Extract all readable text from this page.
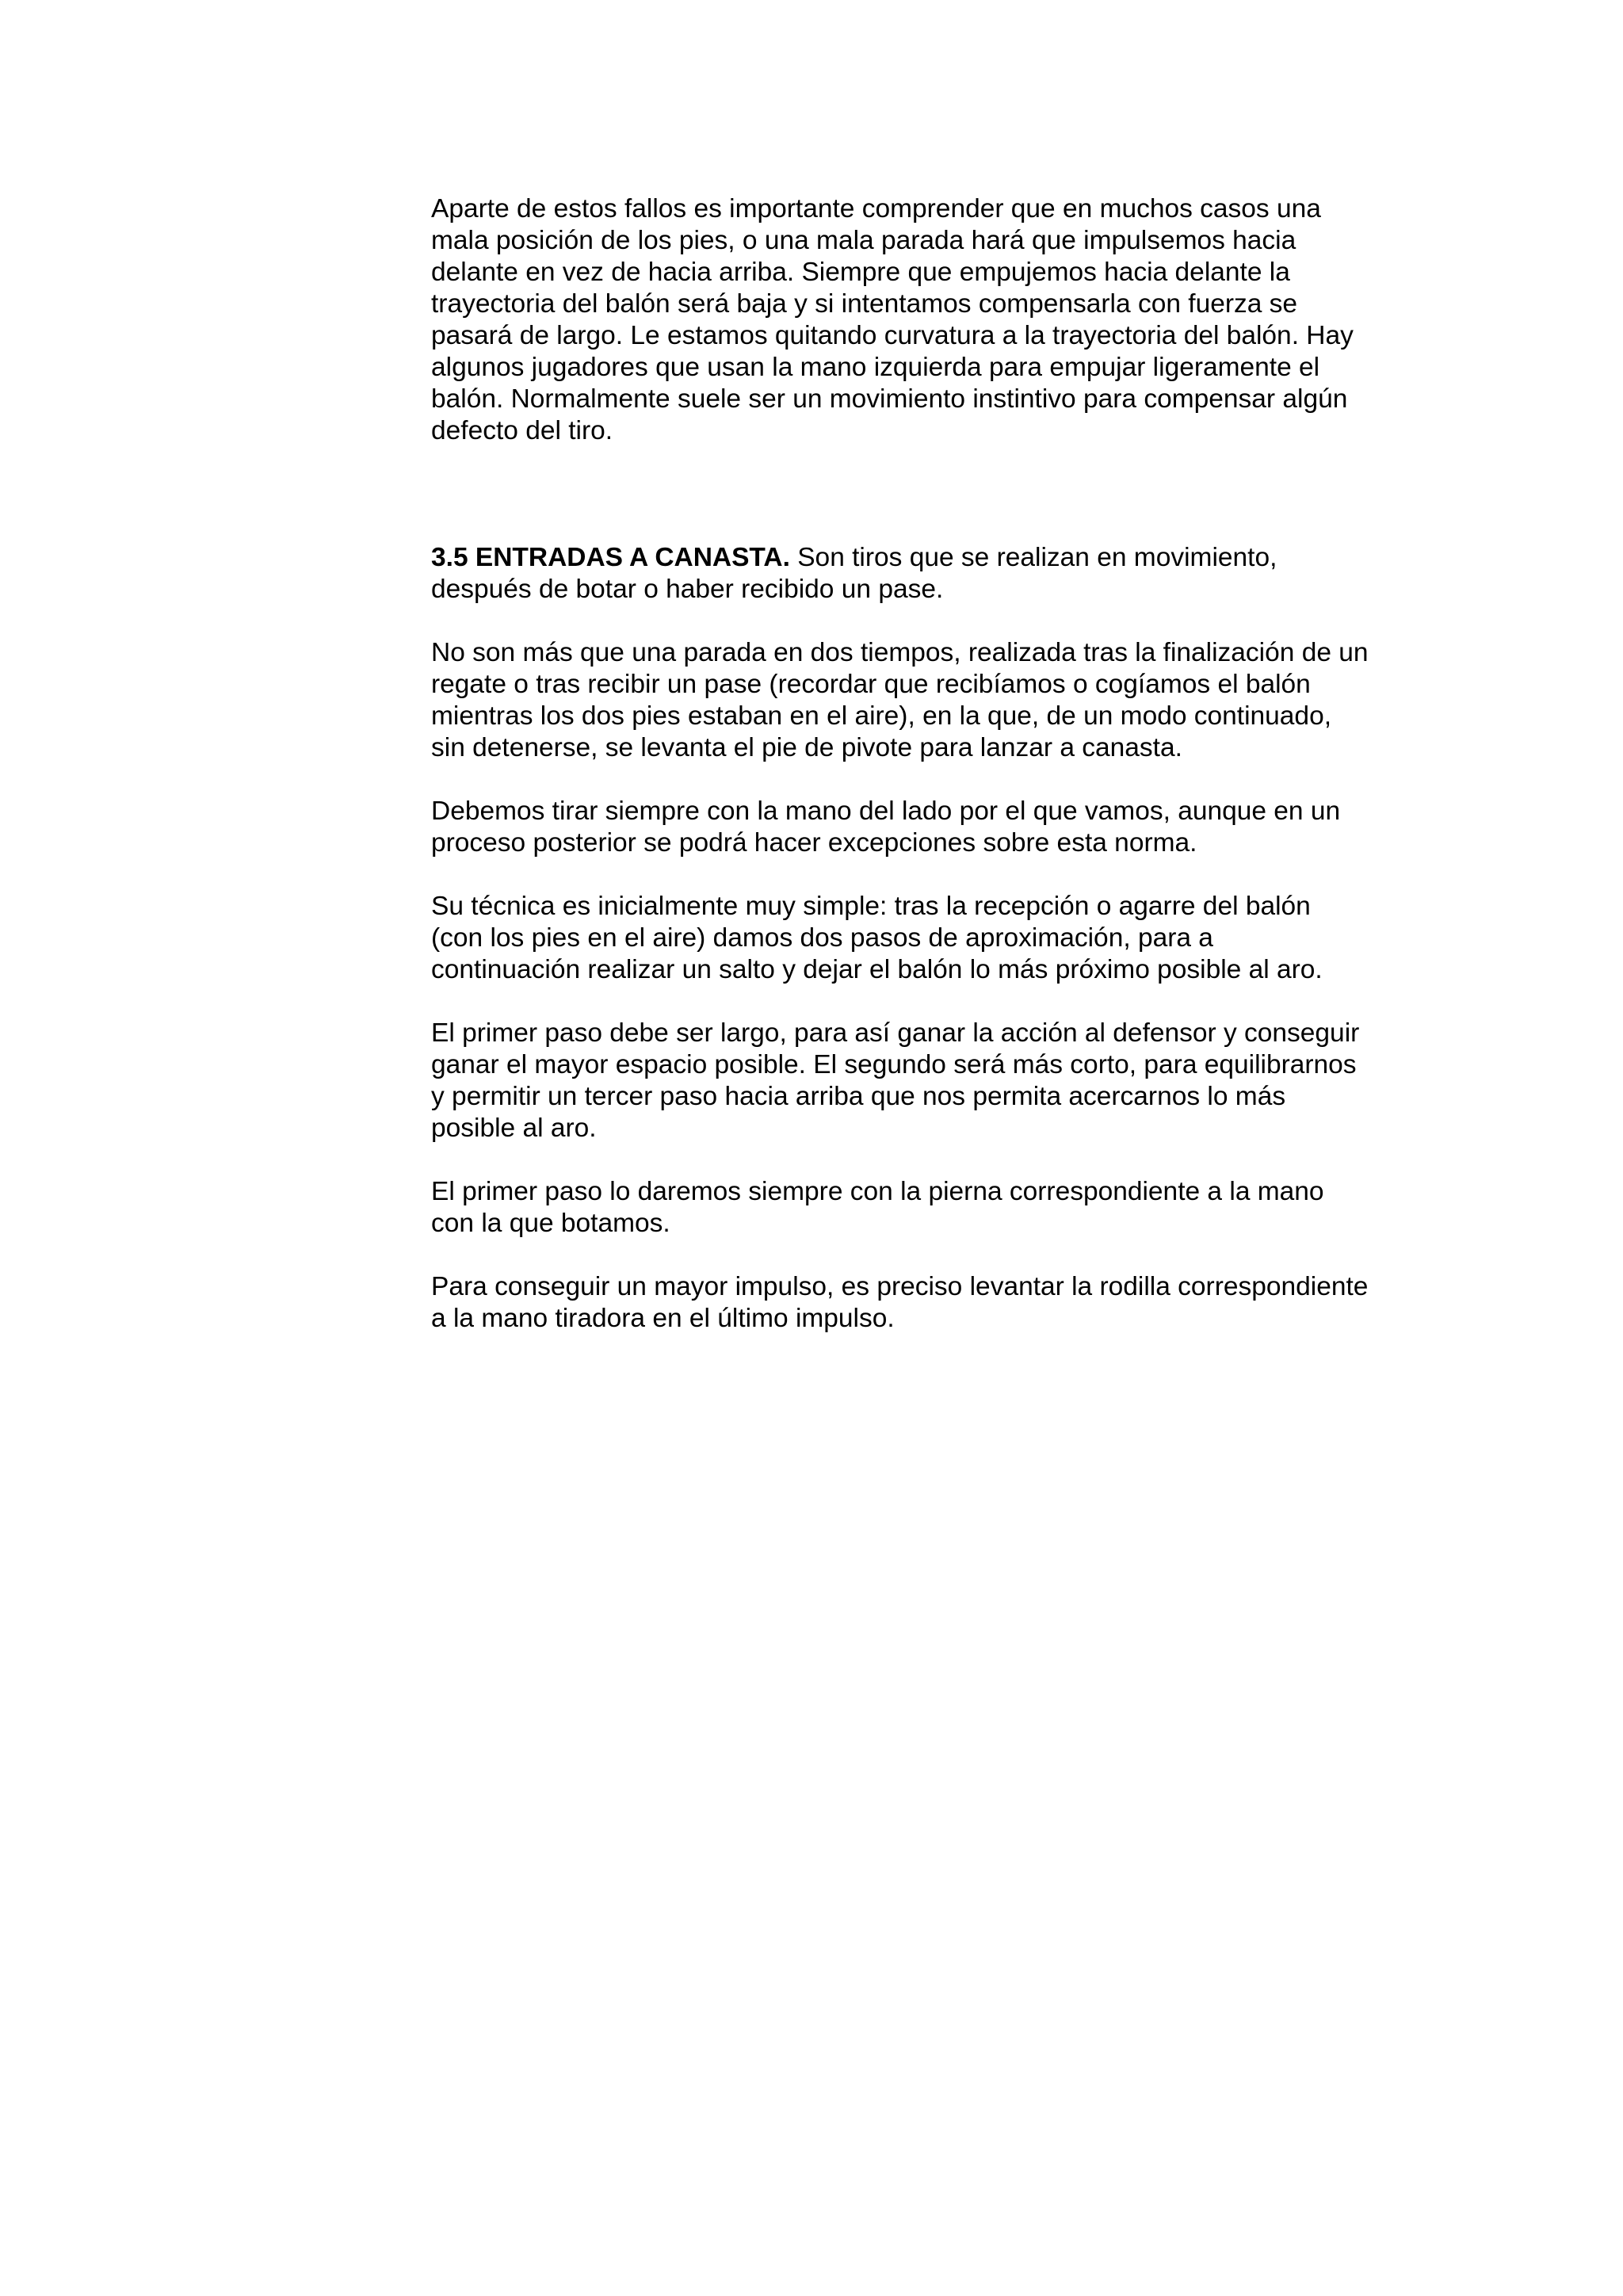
Aparte de estos fallos es importante comprender que en muchos casos una
mala posición de los pies, o una mala parada hará que impulsemos hacia
delante en vez de hacia arriba. Siempre que empujemos hacia delante la
trayectoria del balón será baja y si intentamos compensarla con fuerza se
pasará de largo. Le estamos quitando curvatura a la trayectoria del balón. Hay
algunos jugadores que usan la mano izquierda para empujar ligeramente el
balón. Normalmente suele ser un movimiento instintivo para compensar algún
defecto del tiro.

3.5 ENTRADAS A CANASTA. Son tiros que se realizan en movimiento,
después de botar o haber recibido un pase.

No son más que una parada en dos tiempos, realizada tras la finalización de un
regate o tras recibir un pase (recordar que recibíamos o cogíamos el balón
mientras los dos pies estaban en el aire), en la que, de un modo continuado,
sin detenerse, se levanta el pie de pivote para lanzar a canasta.

Debemos tirar siempre con la mano del lado por el que vamos, aunque en un
proceso posterior se podrá hacer excepciones sobre esta norma.

Su técnica es inicialmente muy simple: tras la recepción o agarre del balón
(con los pies en el aire) damos dos pasos de aproximación, para a
continuación realizar un salto y dejar el balón lo más próximo posible al aro.

El primer paso debe ser largo, para así ganar la acción al defensor y conseguir
ganar el mayor espacio posible. El segundo será más corto, para equilibrarnos
y permitir un tercer paso hacia arriba que nos permita acercarnos lo más
posible al aro.

El primer paso lo daremos siempre con la pierna correspondiente a la mano
con la que botamos.

Para conseguir un mayor impulso, es preciso levantar la rodilla correspondiente
a la mano tiradora en el último impulso.
